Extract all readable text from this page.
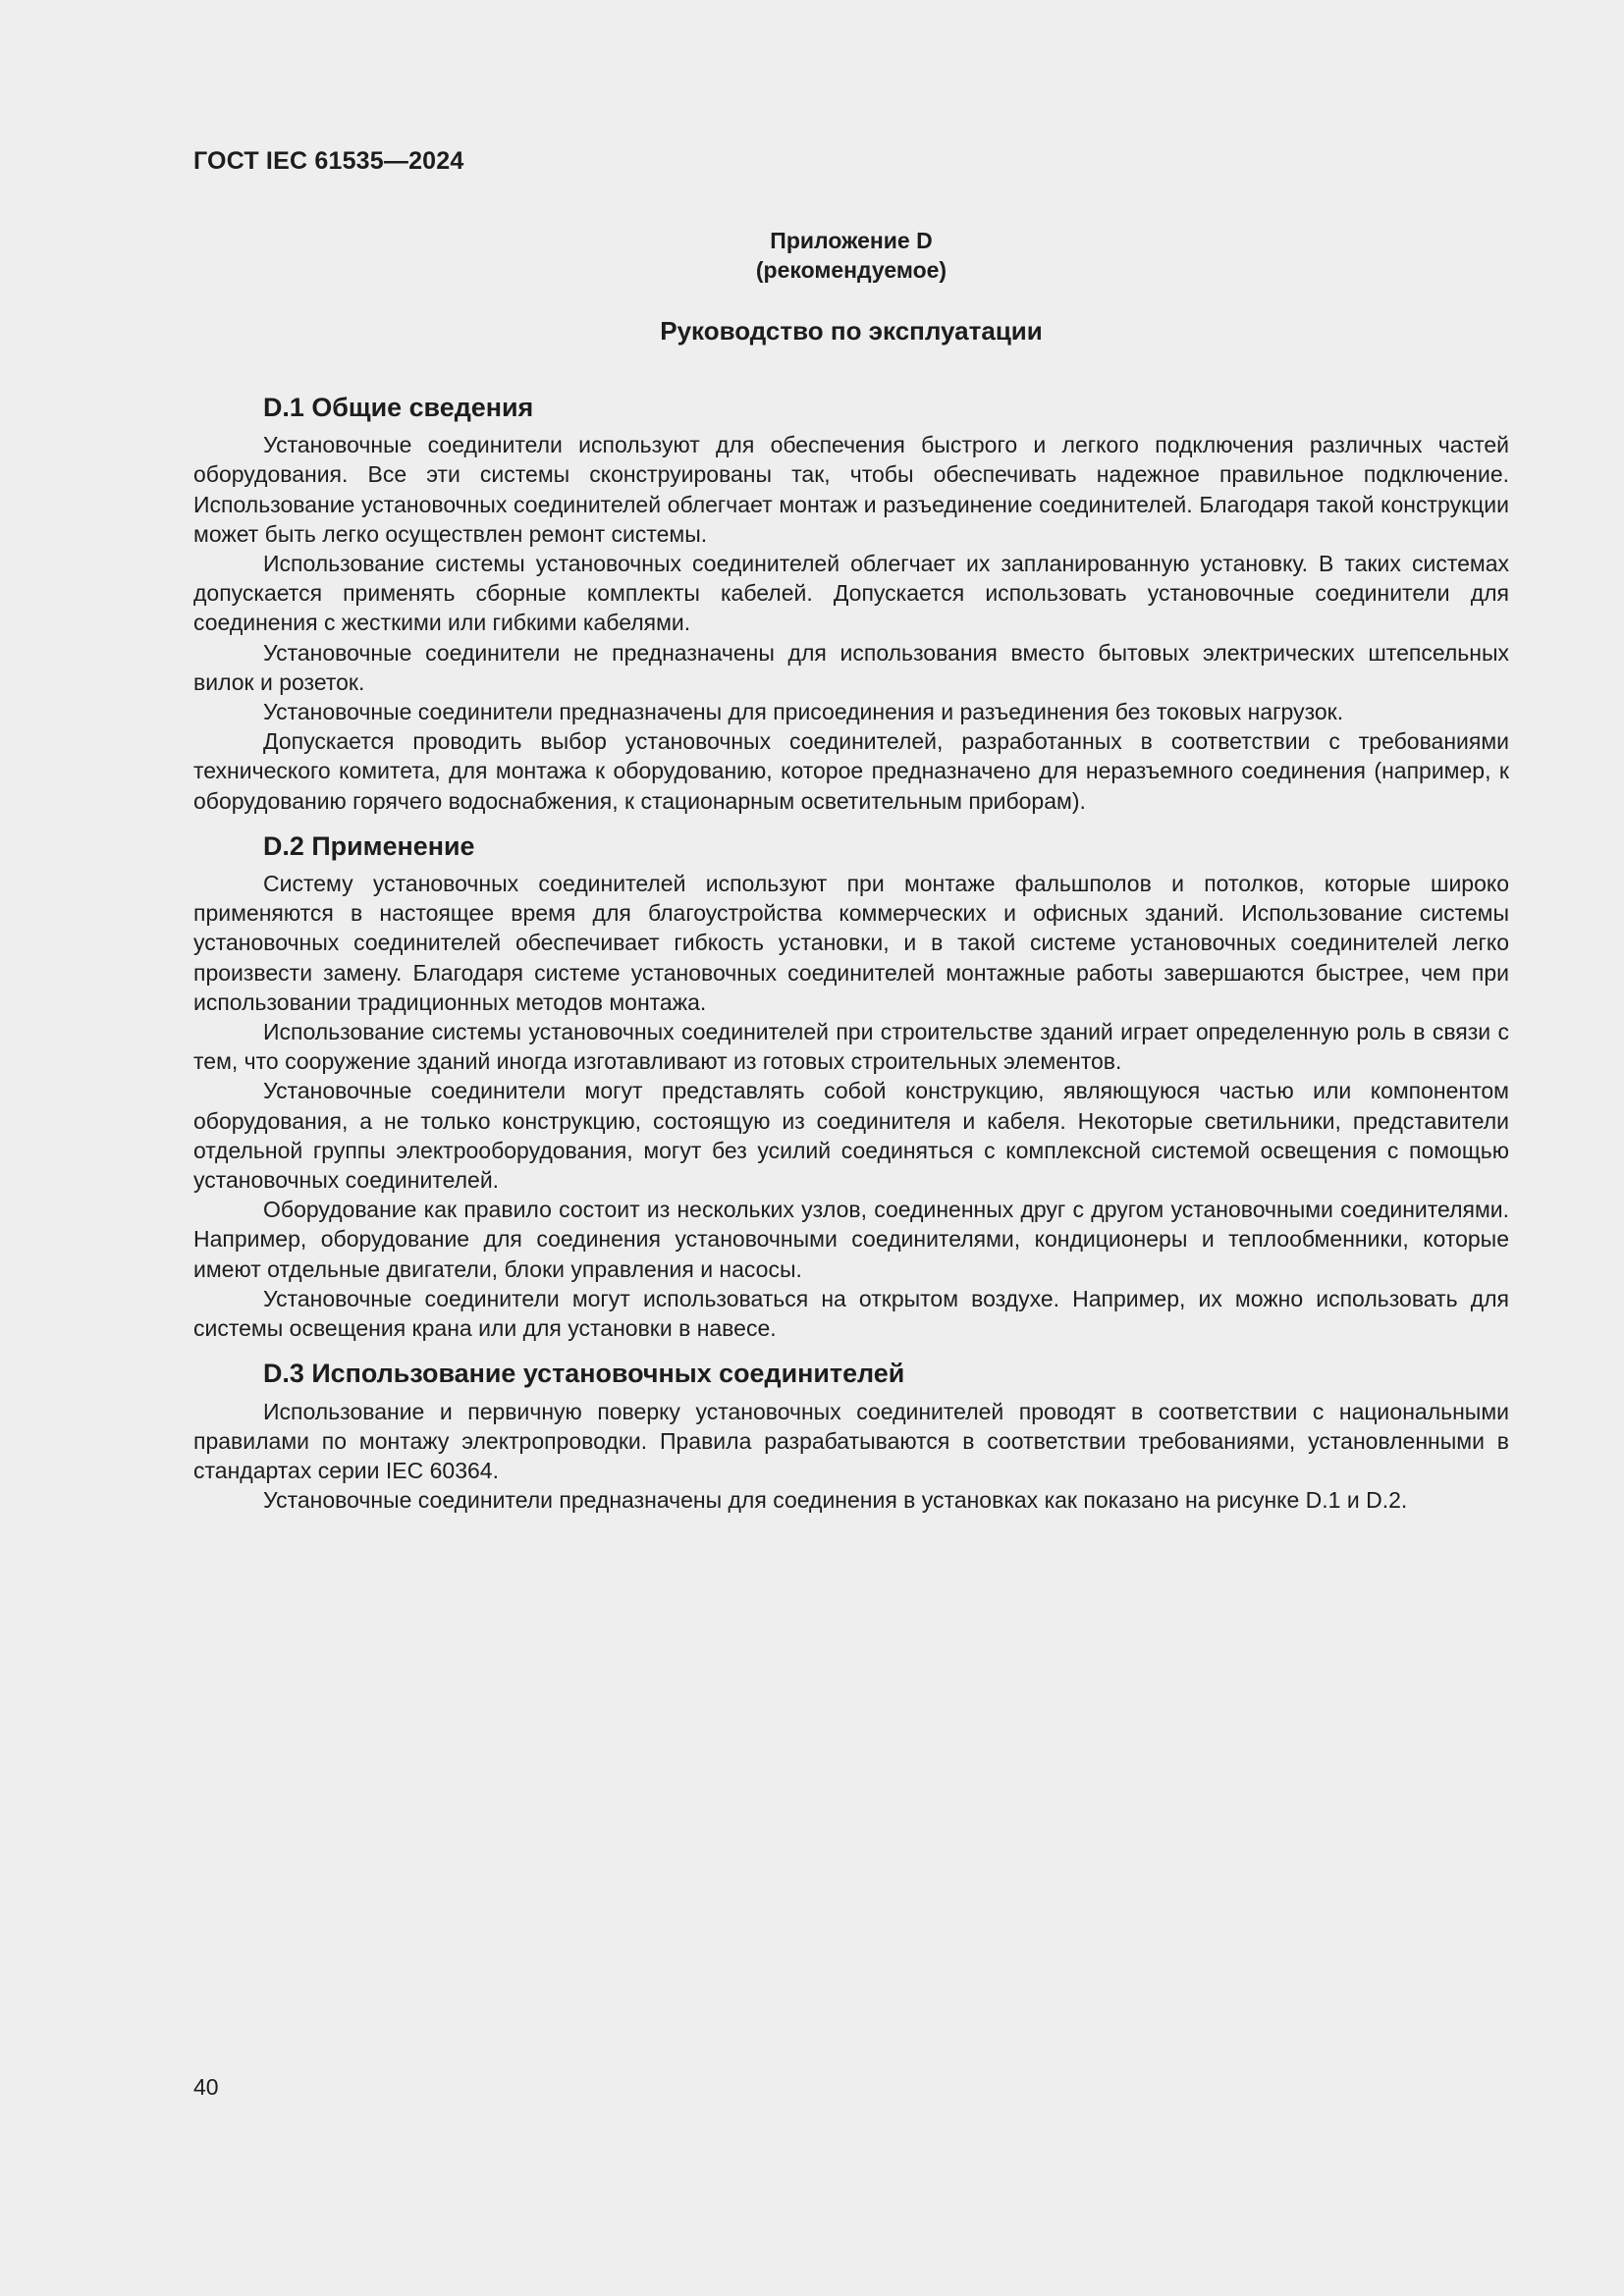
ГОСТ IEC 61535—2024
Приложение D
(рекомендуемое)
Руководство по эксплуатации
D.1 Общие сведения

Установочные соединители используют для обеспечения быстрого и легкого подключения различных частей оборудования. Все эти системы сконструированы так, чтобы обеспечивать надежное правильное подключение. Использование установочных соединителей облегчает монтаж и разъединение соединителей. Благодаря такой конструкции может быть легко осуществлен ремонт системы.

Использование системы установочных соединителей облегчает их запланированную установку. В таких системах допускается применять сборные комплекты кабелей. Допускается использовать установочные соединители для соединения с жесткими или гибкими кабелями.

Установочные соединители не предназначены для использования вместо бытовых электрических штепсельных вилок и розеток.

Установочные соединители предназначены для присоединения и разъединения без токовых нагрузок.

Допускается проводить выбор установочных соединителей, разработанных в соответствии с требованиями технического комитета, для монтажа к оборудованию, которое предназначено для неразъемного соединения (например, к оборудованию горячего водоснабжения, к стационарным осветительным приборам).

D.2 Применение

Систему установочных соединителей используют при монтаже фальшполов и потолков, которые широко применяются в настоящее время для благоустройства коммерческих и офисных зданий. Использование системы установочных соединителей обеспечивает гибкость установки, и в такой системе установочных соединителей легко произвести замену. Благодаря системе установочных соединителей монтажные работы завершаются быстрее, чем при использовании традиционных методов монтажа.

Использование системы установочных соединителей при строительстве зданий играет определенную роль в связи с тем, что сооружение зданий иногда изготавливают из готовых строительных элементов.

Установочные соединители могут представлять собой конструкцию, являющуюся частью или компонентом оборудования, а не только конструкцию, состоящую из соединителя и кабеля. Некоторые светильники, представители отдельной группы электрооборудования, могут без усилий соединяться с комплексной системой освещения с помощью установочных соединителей.

Оборудование как правило состоит из нескольких узлов, соединенных друг с другом установочными соединителями. Например, оборудование для соединения установочными соединителями, кондиционеры и теплообменники, которые имеют отдельные двигатели, блоки управления и насосы.

Установочные соединители могут использоваться на открытом воздухе. Например, их можно использовать для системы освещения крана или для установки в навесе.

D.3 Использование установочных соединителей

Использование и первичную поверку установочных соединителей проводят в соответствии с национальными правилами по монтажу электропроводки. Правила разрабатываются в соответствии требованиями, установленными в стандартах серии IEC 60364.

Установочные соединители предназначены для соединения в установках как показано на рисунке D.1 и D.2.

40
